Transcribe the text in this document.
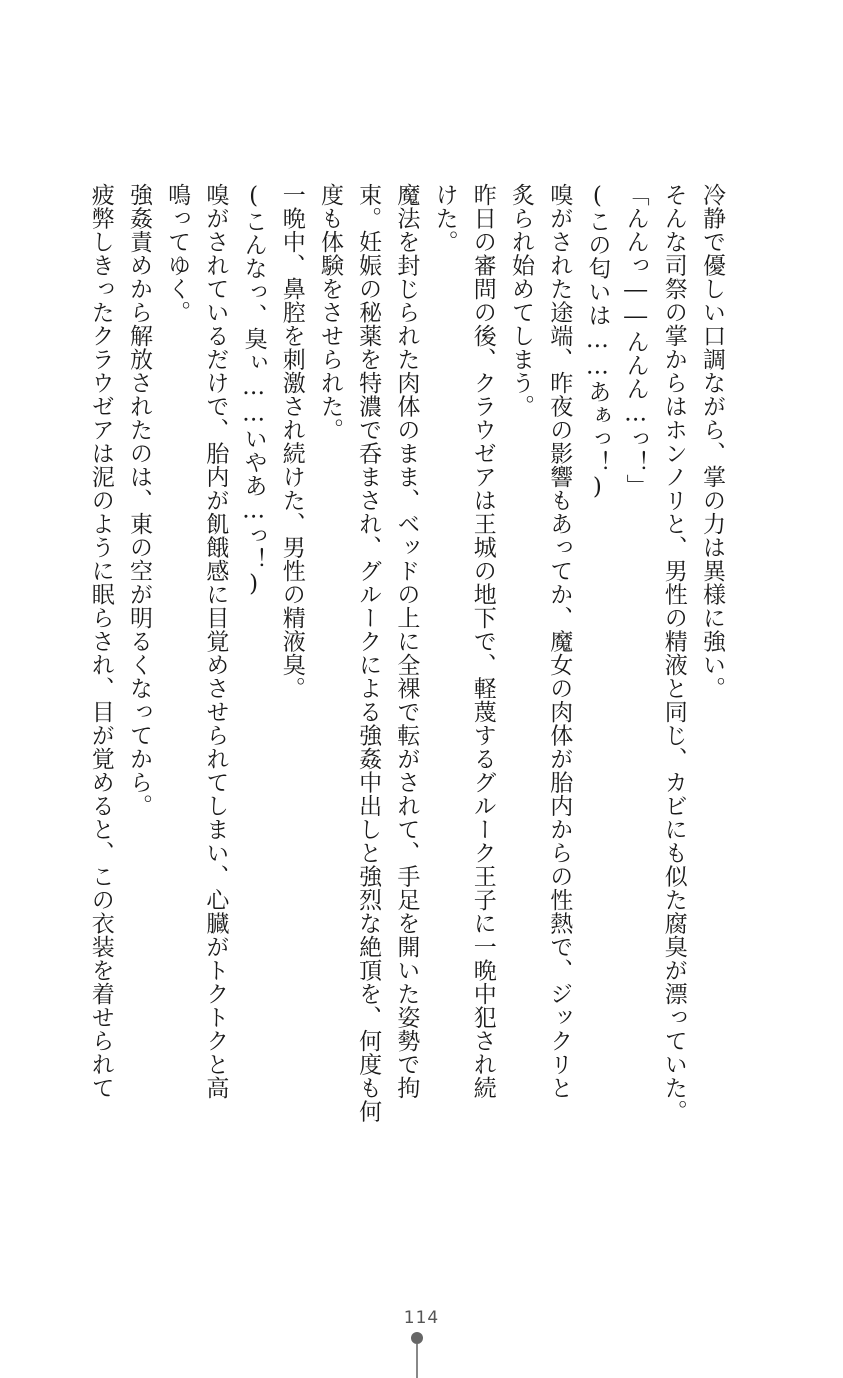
冷静で優しい口調ながら、掌の力は異様に強い。
そんな司祭の掌からはホンノリと、男性の精液と同じ、カビにも似た腐臭が漂っていた。
「んんっ――んんん…っ！」
(この匂いは……あぁっ！)
嗅がされた途端、昨夜の影響もあってか、魔女の肉体が胎内からの性熱で、ジックリと
炙られ始めてしまう。
昨日の審問の後、クラウゼアは王城の地下で、軽蔑するグルーク王子に一晩中犯され続
けた。
魔法を封じられた肉体のまま、ベッドの上に全裸で転がされて、手足を開いた姿勢で拘
束。妊娠の秘薬を特濃で呑まされ、グルークによる強姦中出しと強烈な絶頂を、何度も何
度も体験をさせられた。
一晩中、鼻腔を刺激され続けた、男性の精液臭。
(こんなっ、臭ぃ……いやあ…っ！)
嗅がされているだけで、胎内が飢餓感に目覚めさせられてしまい、心臓がトクトクと高
鳴ってゆく。
強姦責めから解放されたのは、東の空が明るくなってから。
疲弊しきったクラウゼアは泥のように眠らされ、目が覚めると、この衣装を着せられて
114
